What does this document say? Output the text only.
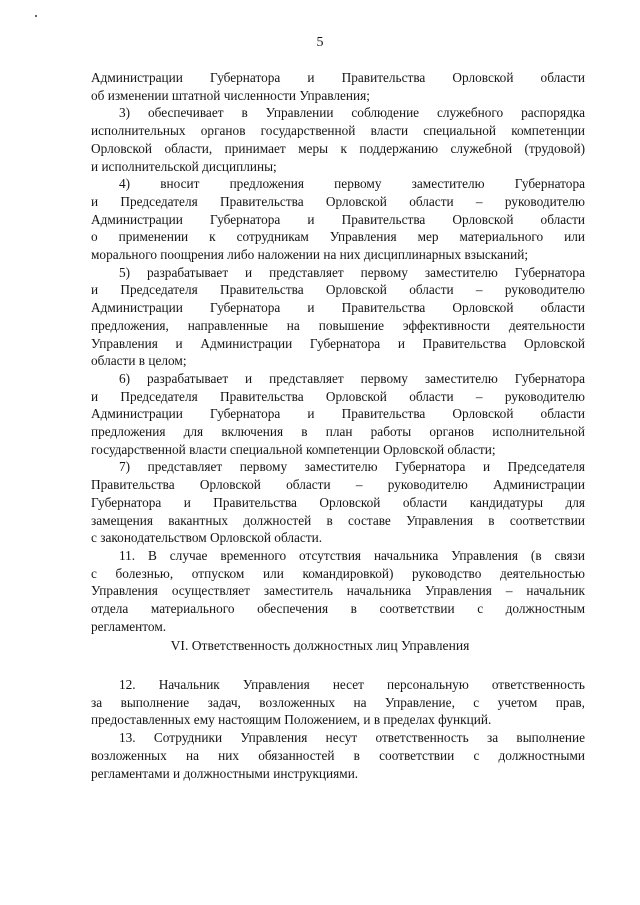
5

Администрации Губернатора и Правительства Орловской области
об изменении штатной численности Управления;

3) обеспечивает в Управлении соблюдение служебного распорядка
исполнительных органов государственной власти специальной компетенции
Орловской области, принимает меры к поддержанию служебной (трудовой)
и исполнительской дисциплины;

4) вносит предложения первому заместителю Губернатора
и Председателя Правительства Орловской области – руководителю
Администрации Губернатора и Правительства Орловской области
о применении к сотрудникам Управления мер материального или
морального поощрения либо наложении на них дисциплинарных взысканий;

5) разрабатывает и представляет первому заместителю Губернатора
и Председателя Правительства Орловской области – руководителю
Администрации Губернатора и Правительства Орловской области
предложения, направленные на повышение эффективности деятельности
Управления и Администрации Губернатора и Правительства Орловской
области в целом;

6) разрабатывает и представляет первому заместителю Губернатора
и Председателя Правительства Орловской области – руководителю
Администрации Губернатора и Правительства Орловской области
предложения для включения в план работы органов исполнительной
государственной власти специальной компетенции Орловской области;

7) представляет первому заместителю Губернатора и Председателя
Правительства Орловской области – руководителю Администрации
Губернатора и Правительства Орловской области кандидатуры для
замещения вакантных должностей в составе Управления в соответствии
с законодательством Орловской области.

11. В случае временного отсутствия начальника Управления (в связи
с болезнью, отпуском или командировкой) руководство деятельностью
Управления осуществляет заместитель начальника Управления – начальник
отдела материального обеспечения в соответствии с должностным
регламентом.

VI. Ответственность должностных лиц Управления

12. Начальник Управления несет персональную ответственность
за выполнение задач, возложенных на Управление, с учетом прав,
предоставленных ему настоящим Положением, и в пределах функций.

13. Сотрудники Управления несут ответственность за выполнение
возложенных на них обязанностей в соответствии с должностными
регламентами и должностными инструкциями.
